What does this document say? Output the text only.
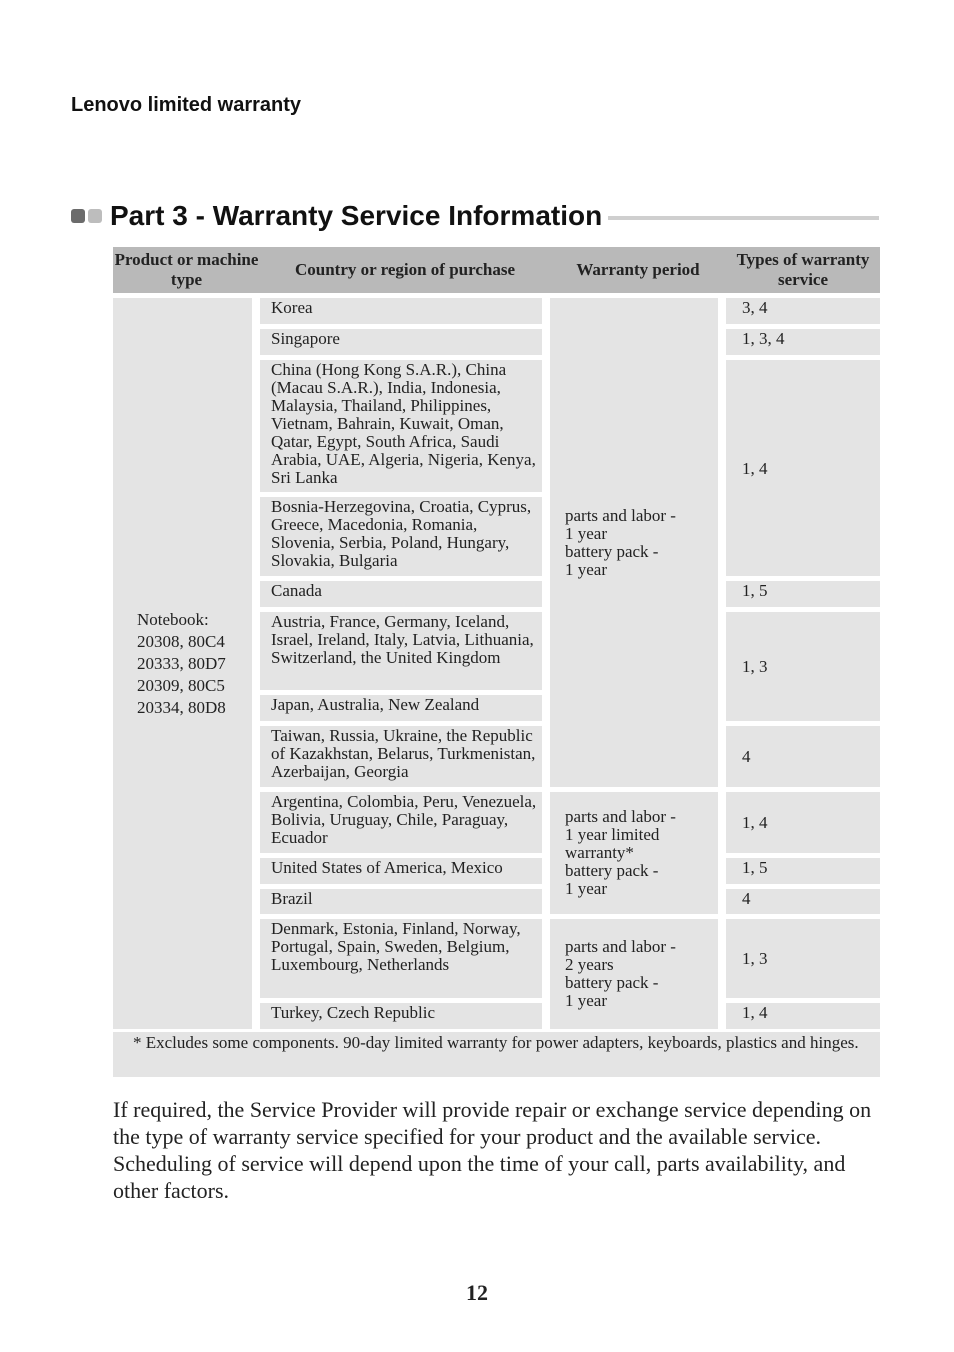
Lenovo limited warranty
Part 3 - Warranty Service Information
Product or machine type
Country or region of purchase	Warranty period
Types of warranty service
Notebook:
20308, 80C4
20333, 80D7
20309, 80C5
20334, 80D8
Korea
Singapore
China (Hong Kong S.A.R.), China (Macau S.A.R.), India, Indonesia, Malaysia, Thailand, Philippines, Vietnam, Bahrain, Kuwait, Oman, Qatar, Egypt, South Africa, Saudi Arabia, UAE, Algeria, Nigeria, Kenya, Sri Lanka
Bosnia-Herzegovina, Croatia, Cyprus, Greece, Macedonia, Romania, Slovenia, Serbia, Poland, Hungary, Slovakia, Bulgaria
Canada
Austria, France, Germany, Iceland, Israel, Ireland, Italy, Latvia, Lithuania, Switzerland, the United Kingdom
Japan, Australia, New Zealand
Taiwan, Russia, Ukraine, the Republic of Kazakhstan, Belarus, Turkmenistan, Azerbaijan, Georgia
Argentina, Colombia, Peru, Venezuela, Bolivia, Uruguay, Chile, Paraguay, Ecuador
United States of America, Mexico
Brazil
Denmark, Estonia, Finland, Norway, Portugal, Spain, Sweden, Belgium, Luxembourg, Netherlands
Turkey, Czech Republic
parts and labor -
1 year
battery pack -
1 year
parts and labor -
1 year limited
warranty*
battery pack -
1 year
parts and labor -
2 years
battery pack -
1 year
3, 4
1, 3, 4
1, 4
1, 5
1, 3
4
1, 4
1, 5
4
1, 3
1, 4
* Excludes some components. 90-day limited warranty for power adapters, keyboards, plastics and hinges.
If required, the Service Provider will provide repair or exchange service depending on the type of warranty service specified for your product and the available service. Scheduling of service will depend upon the time of your call, parts availability, and other factors.
12
